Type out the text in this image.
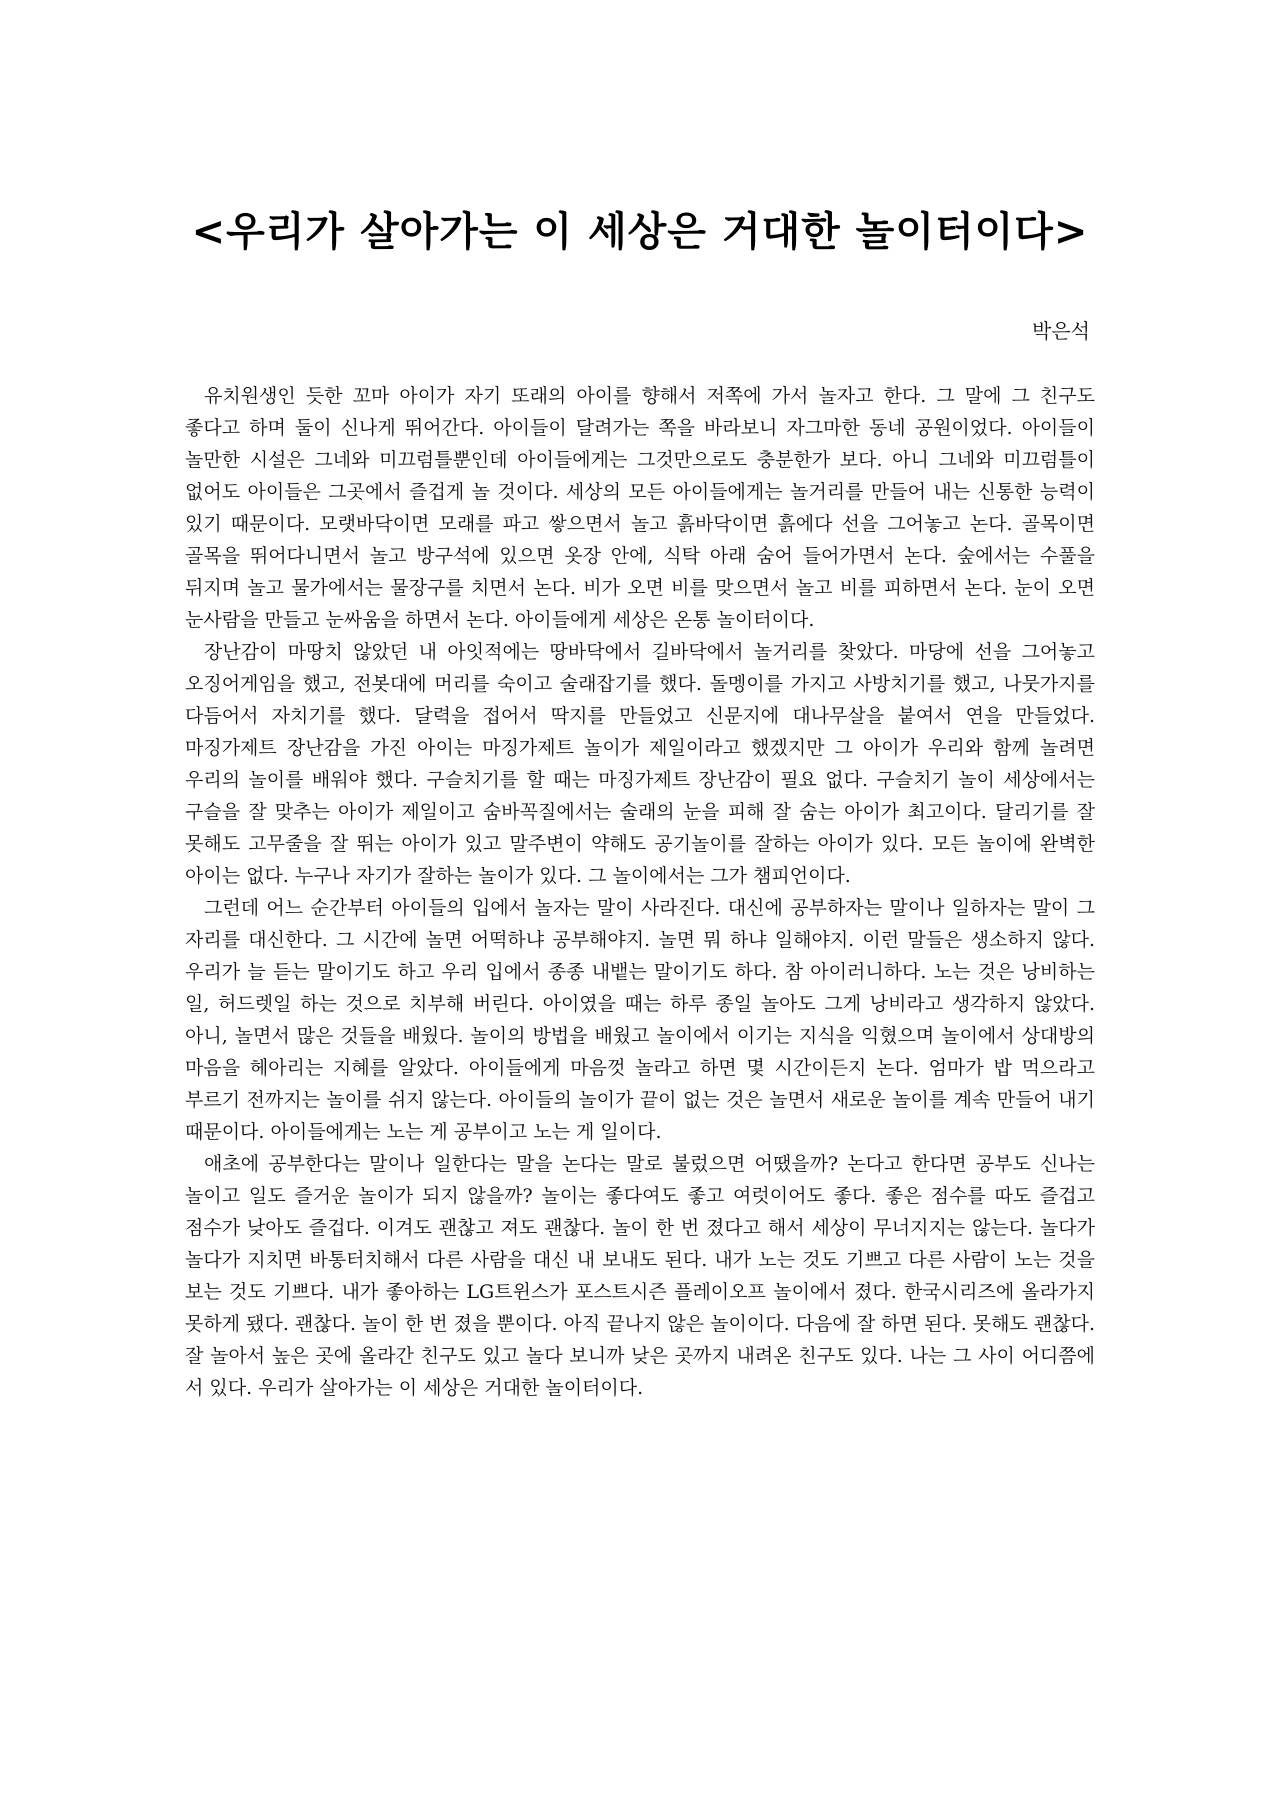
<우리가 살아가는 이 세상은 거대한 놀이터이다>
박은석

유치원생인 듯한 꼬마 아이가 자기 또래의 아이를 향해서 저쪽에 가서 놀자고 한다. 그 말에 그 친구도 좋다고 하며 둘이 신나게 뛰어간다. 아이들이 달려가는 쪽을 바라보니 자그마한 동네 공원이었다. 아이들이 놀만한 시설은 그네와 미끄럼틀뿐인데 아이들에게는 그것만으로도 충분한가 보다. 아니 그네와 미끄럼틀이 없어도 아이들은 그곳에서 즐겁게 놀 것이다. 세상의 모든 아이들에게는 놀거리를 만들어 내는 신통한 능력이 있기 때문이다. 모랫바닥이면 모래를 파고 쌓으면서 놀고 흙바닥이면 흙에다 선을 그어놓고 논다. 골목이면 골목을 뛰어다니면서 놀고 방구석에 있으면 옷장 안에, 식탁 아래 숨어 들어가면서 논다. 숲에서는 수풀을 뒤지며 놀고 물가에서는 물장구를 치면서 논다. 비가 오면 비를 맞으면서 놀고 비를 피하면서 논다. 눈이 오면 눈사람을 만들고 눈싸움을 하면서 논다. 아이들에게 세상은 온통 놀이터이다.

장난감이 마땅치 않았던 내 아잇적에는 땅바닥에서 길바닥에서 놀거리를 찾았다. 마당에 선을 그어놓고 오징어게임을 했고, 전봇대에 머리를 숙이고 술래잡기를 했다. 돌멩이를 가지고 사방치기를 했고, 나뭇가지를 다듬어서 자치기를 했다. 달력을 접어서 딱지를 만들었고 신문지에 대나무살을 붙여서 연을 만들었다. 마징가제트 장난감을 가진 아이는 마징가제트 놀이가 제일이라고 했겠지만 그 아이가 우리와 함께 놀려면 우리의 놀이를 배워야 했다. 구슬치기를 할 때는 마징가제트 장난감이 필요 없다. 구슬치기 놀이 세상에서는 구슬을 잘 맞추는 아이가 제일이고 숨바꼭질에서는 술래의 눈을 피해 잘 숨는 아이가 최고이다. 달리기를 잘 못해도 고무줄을 잘 뛰는 아이가 있고 말주변이 약해도 공기놀이를 잘하는 아이가 있다. 모든 놀이에 완벽한 아이는 없다. 누구나 자기가 잘하는 놀이가 있다. 그 놀이에서는 그가 챔피언이다.

그런데 어느 순간부터 아이들의 입에서 놀자는 말이 사라진다. 대신에 공부하자는 말이나 일하자는 말이 그 자리를 대신한다. 그 시간에 놀면 어떡하냐 공부해야지. 놀면 뭐 하냐 일해야지. 이런 말들은 생소하지 않다. 우리가 늘 듣는 말이기도 하고 우리 입에서 종종 내뱉는 말이기도 하다. 참 아이러니하다. 노는 것은 낭비하는 일, 허드렛일 하는 것으로 치부해 버린다. 아이였을 때는 하루 종일 놀아도 그게 낭비라고 생각하지 않았다. 아니, 놀면서 많은 것들을 배웠다. 놀이의 방법을 배웠고 놀이에서 이기는 지식을 익혔으며 놀이에서 상대방의 마음을 헤아리는 지혜를 알았다. 아이들에게 마음껏 놀라고 하면 몇 시간이든지 논다. 엄마가 밥 먹으라고 부르기 전까지는 놀이를 쉬지 않는다. 아이들의 놀이가 끝이 없는 것은 놀면서 새로운 놀이를 계속 만들어 내기 때문이다. 아이들에게는 노는 게 공부이고 노는 게 일이다.

애초에 공부한다는 말이나 일한다는 말을 논다는 말로 불렀으면 어땠을까? 논다고 한다면 공부도 신나는 놀이고 일도 즐거운 놀이가 되지 않을까? 놀이는 좋다여도 좋고 여럿이어도 좋다. 좋은 점수를 따도 즐겁고 점수가 낮아도 즐겁다. 이겨도 괜찮고 져도 괜찮다. 놀이 한 번 졌다고 해서 세상이 무너지지는 않는다. 놀다가 놀다가 지치면 바통터치해서 다른 사람을 대신 내 보내도 된다. 내가 노는 것도 기쁘고 다른 사람이 노는 것을 보는 것도 기쁘다. 내가 좋아하는 LG트윈스가 포스트시즌 플레이오프 놀이에서 졌다. 한국시리즈에 올라가지 못하게 됐다. 괜찮다. 놀이 한 번 졌을 뿐이다. 아직 끝나지 않은 놀이이다. 다음에 잘 하면 된다. 못해도 괜찮다. 잘 놀아서 높은 곳에 올라간 친구도 있고 놀다 보니까 낮은 곳까지 내려온 친구도 있다. 나는 그 사이 어디쯤에 서 있다. 우리가 살아가는 이 세상은 거대한 놀이터이다.
